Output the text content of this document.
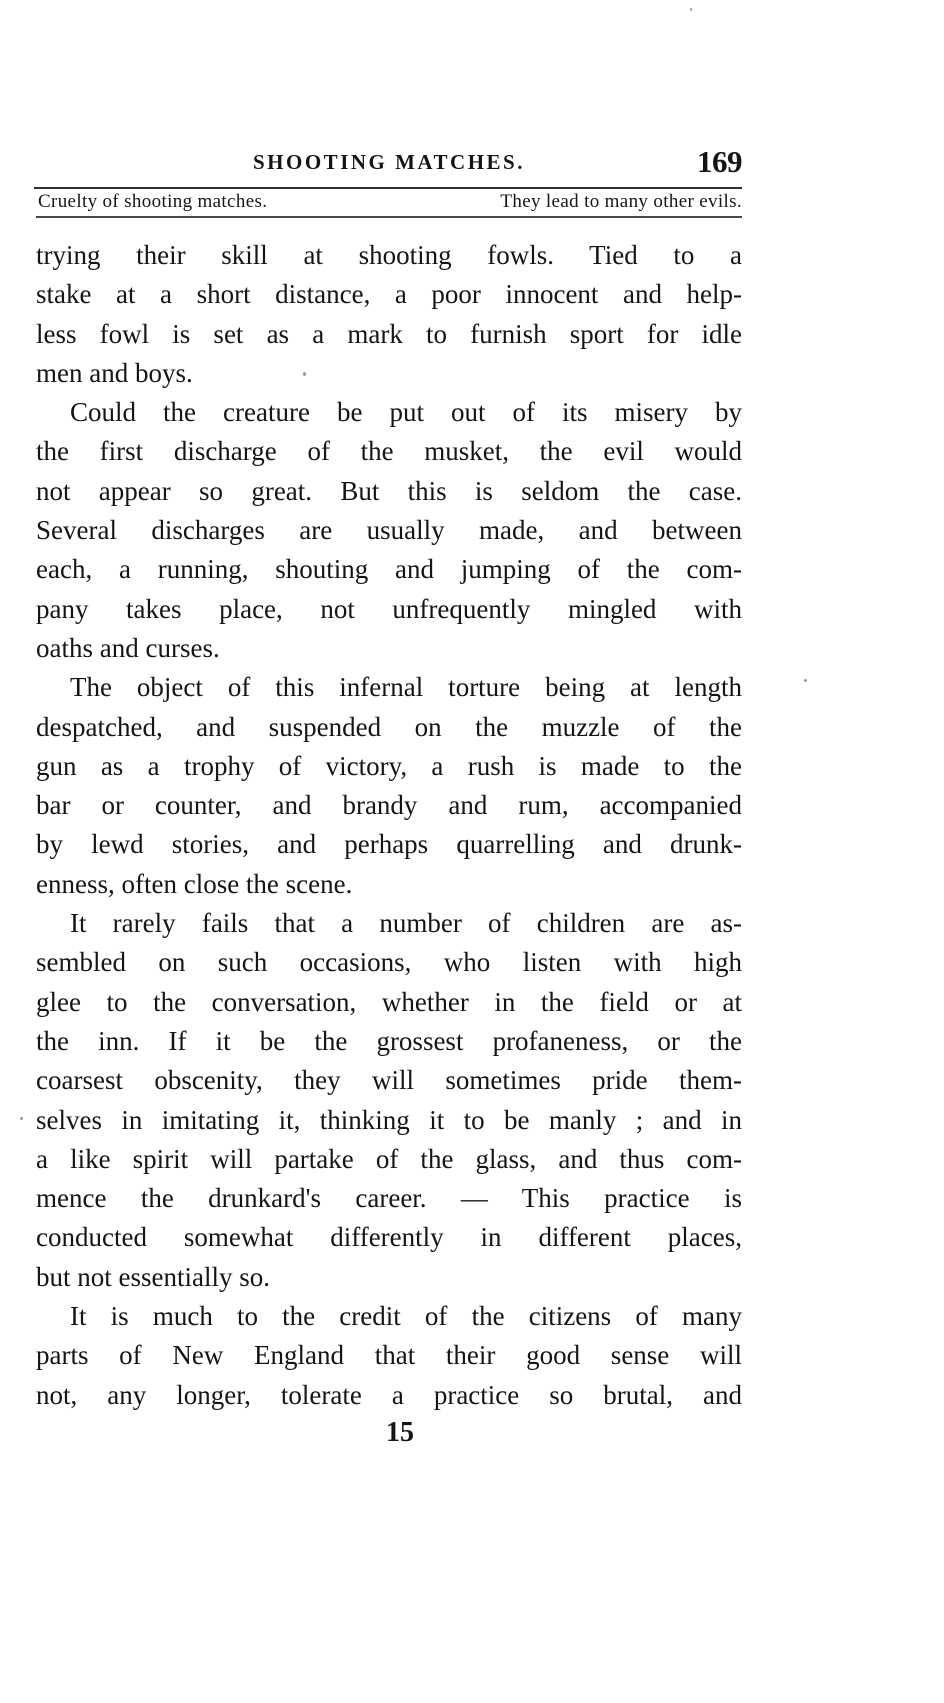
SHOOTING MATCHES.	169
Cruelty of shooting matches.	They lead to many other evils.
trying their skill at shooting fowls. Tied to a
stake at a short distance, a poor innocent and help-
less fowl is set as a mark to furnish sport for idle
men and boys.
Could the creature be put out of its misery by
the first discharge of the musket, the evil would
not appear so great. But this is seldom the case.
Several discharges are usually made, and between
each, a running, shouting and jumping of the com-
pany takes place, not unfrequently mingled with
oaths and curses.
The object of this infernal torture being at length
despatched, and suspended on the muzzle of the
gun as a trophy of victory, a rush is made to the
bar or counter, and brandy and rum, accompanied
by lewd stories, and perhaps quarrelling and drunk-
enness, often close the scene.
It rarely fails that a number of children are as-
sembled on such occasions, who listen with high
glee to the conversation, whether in the field or at
the inn. If it be the grossest profaneness, or the
coarsest obscenity, they will sometimes pride them-
selves in imitating it, thinking it to be manly ; and in
a like spirit will partake of the glass, and thus com-
mence the drunkard's career. — This practice is
conducted somewhat differently in different places,
but not essentially so.
It is much to the credit of the citizens of many
parts of New England that their good sense will
not, any longer, tolerate a practice so brutal, and
15
